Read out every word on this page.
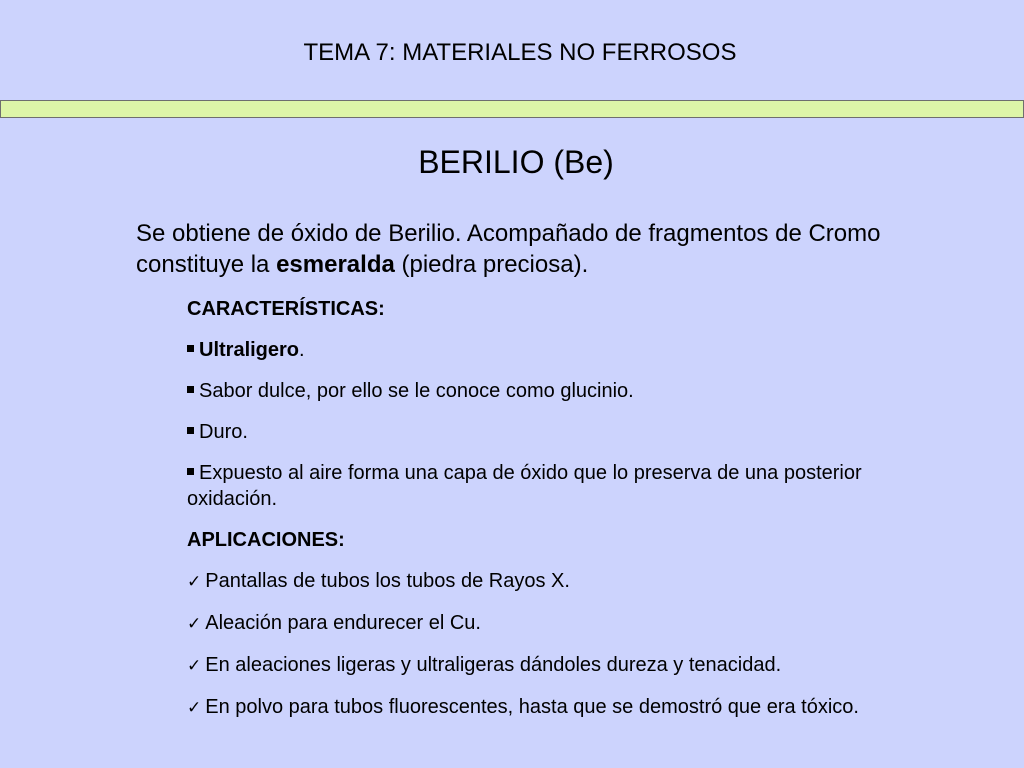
TEMA 7: MATERIALES NO FERROSOS
BERILIO (Be)
Se obtiene de óxido de Berilio. Acompañado de fragmentos de Cromo constituye la esmeralda (piedra preciosa).
CARACTERÍSTICAS:
Ultraligero.
Sabor dulce, por ello se le conoce como glucinio.
Duro.
Expuesto al aire forma una capa de óxido que lo preserva de una posterior oxidación.
APLICACIONES:
✓ Pantallas de tubos los tubos de Rayos X.
✓ Aleación para endurecer el Cu.
✓ En aleaciones ligeras y ultraligeras dándoles dureza y tenacidad.
✓ En polvo para tubos fluorescentes, hasta que se demostró que era tóxico.
